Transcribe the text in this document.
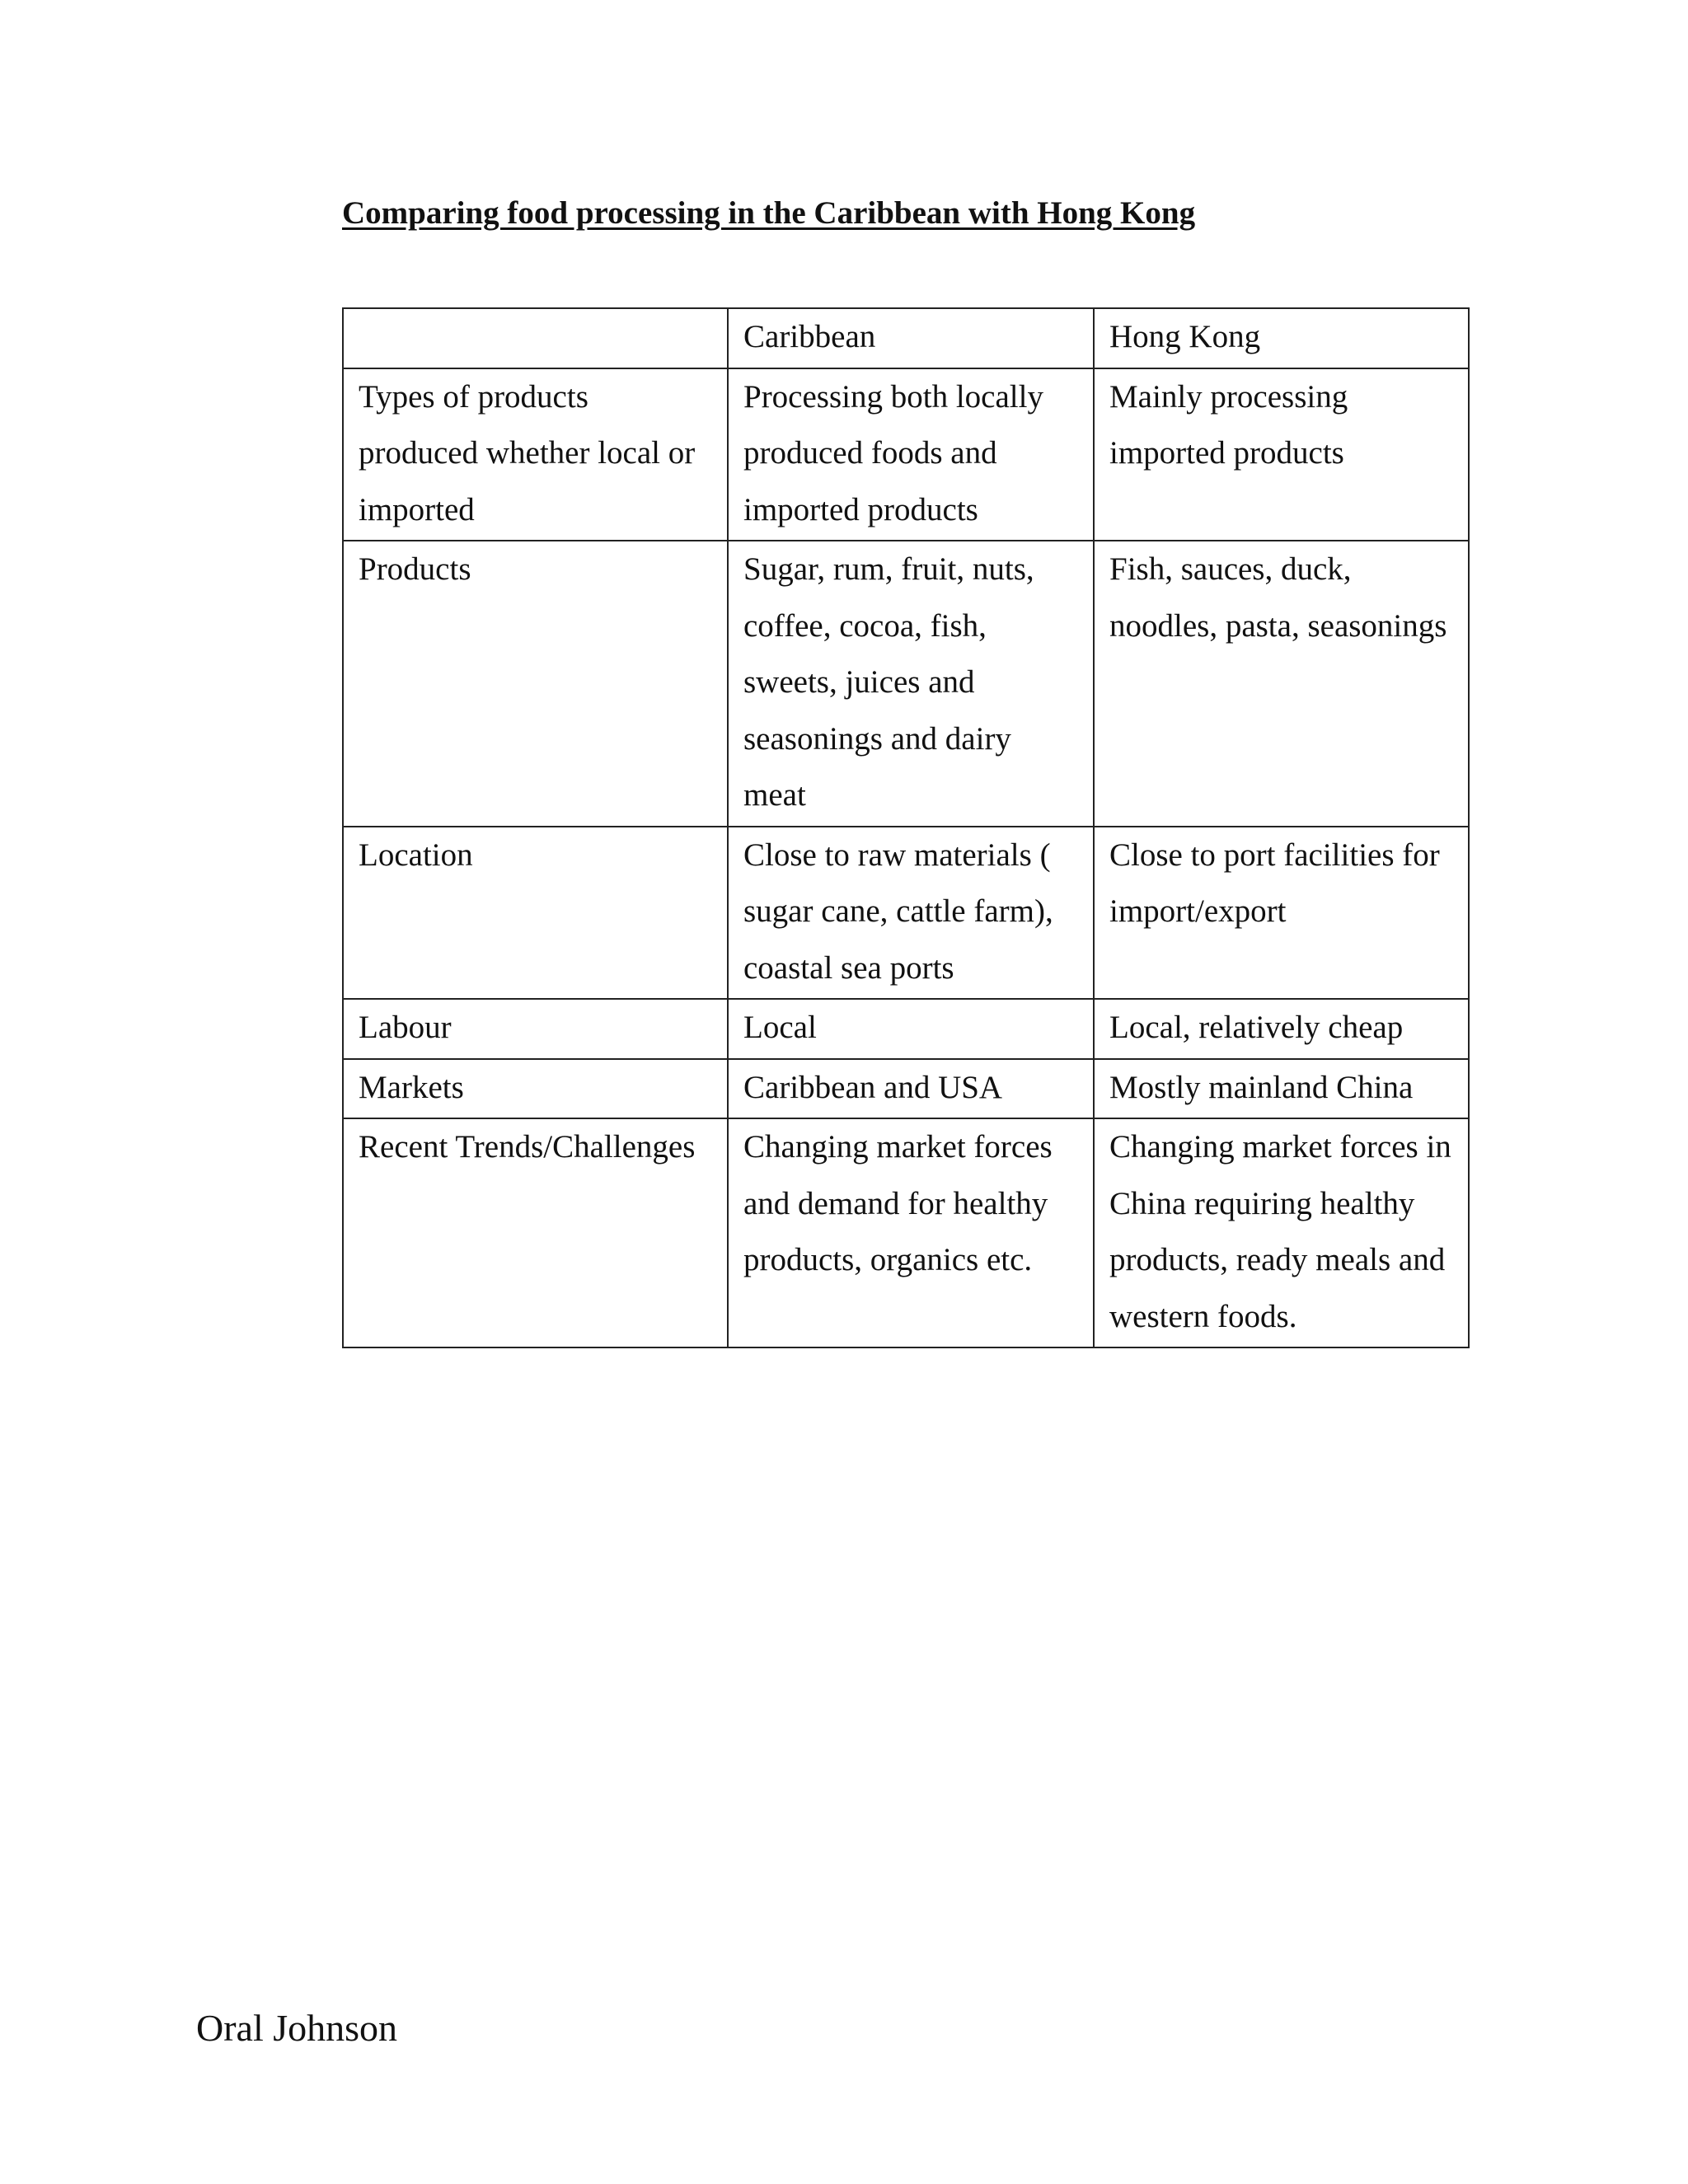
Comparing food processing in the Caribbean with Hong Kong
	Caribbean	Hong Kong
Types of products produced whether local or imported	Processing both locally produced foods and imported products	Mainly processing imported products
Products	Sugar, rum, fruit, nuts, coffee, cocoa, fish, sweets, juices and seasonings and dairy meat	Fish, sauces, duck, noodles, pasta, seasonings
Location	Close to raw materials ( sugar cane, cattle farm), coastal sea ports	Close to port facilities for import/export
Labour	Local	Local, relatively cheap
Markets	Caribbean and USA	Mostly mainland China
Recent Trends/Challenges	Changing market forces and demand for healthy products, organics etc.	Changing market forces in China requiring healthy products, ready meals and western foods.
Oral Johnson
